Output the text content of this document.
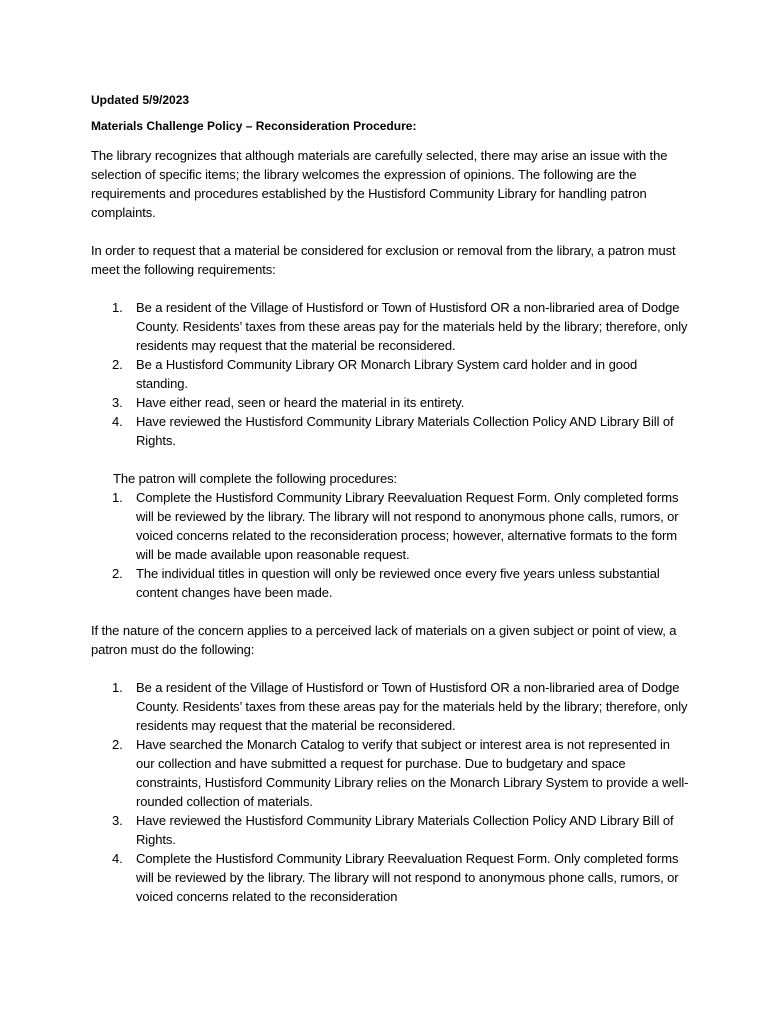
Updated 5/9/2023

Materials Challenge Policy – Reconsideration Procedure:

The library recognizes that although materials are carefully selected, there may arise an issue with the selection of specific items; the library welcomes the expression of opinions. The following are the requirements and procedures established by the Hustisford Community Library for handling patron complaints.

In order to request that a material be considered for exclusion or removal from the library, a patron must meet the following requirements:

1. Be a resident of the Village of Hustisford or Town of Hustisford OR a non-libraried area of Dodge County. Residents’ taxes from these areas pay for the materials held by the library; therefore, only residents may request that the material be reconsidered.
2. Be a Hustisford Community Library OR Monarch Library System card holder and in good standing.
3. Have either read, seen or heard the material in its entirety.
4. Have reviewed the Hustisford Community Library Materials Collection Policy AND Library Bill of Rights.

The patron will complete the following procedures:

1. Complete the Hustisford Community Library Reevaluation Request Form. Only completed forms will be reviewed by the library. The library will not respond to anonymous phone calls, rumors, or voiced concerns related to the reconsideration process; however, alternative formats to the form will be made available upon reasonable request.
2. The individual titles in question will only be reviewed once every five years unless substantial content changes have been made.

If the nature of the concern applies to a perceived lack of materials on a given subject or point of view, a patron must do the following:

1. Be a resident of the Village of Hustisford or Town of Hustisford OR a non-libraried area of Dodge County. Residents’ taxes from these areas pay for the materials held by the library; therefore, only residents may request that the material be reconsidered.
2. Have searched the Monarch Catalog to verify that subject or interest area is not represented in our collection and have submitted a request for purchase. Due to budgetary and space constraints, Hustisford Community Library relies on the Monarch Library System to provide a well-rounded collection of materials.
3. Have reviewed the Hustisford Community Library Materials Collection Policy AND Library Bill of Rights.
4. Complete the Hustisford Community Library Reevaluation Request Form. Only completed forms will be reviewed by the library. The library will not respond to anonymous phone calls, rumors, or voiced concerns related to the reconsideration
